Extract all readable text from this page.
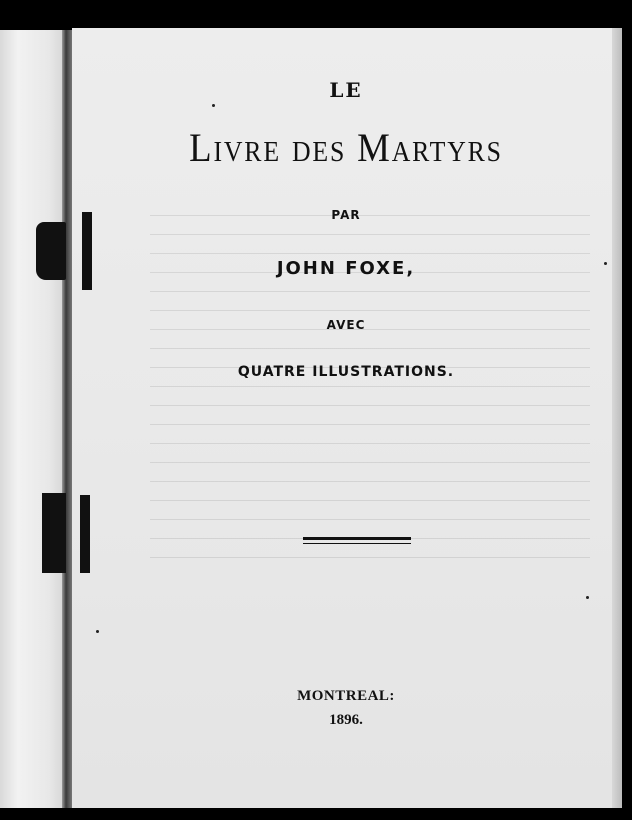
LE

Livre des Martyrs

PAR

JOHN FOXE,

AVEC

QUATRE ILLUSTRATIONS.

MONTREAL:

1896.
